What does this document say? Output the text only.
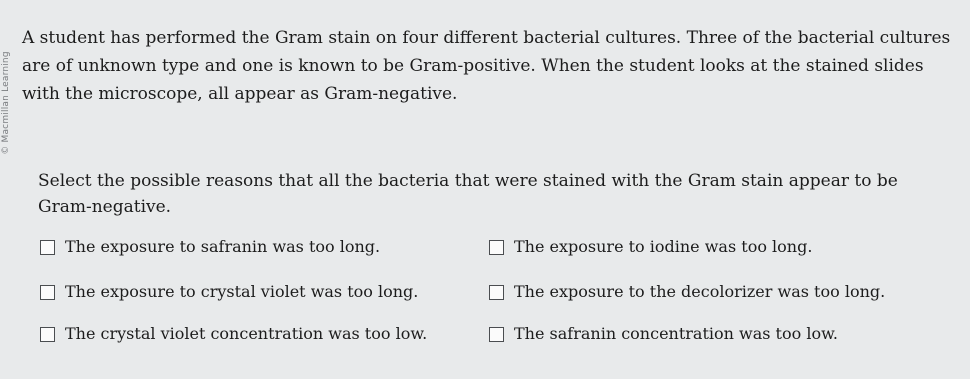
© Macmillan Learning

A student has performed the Gram stain on four different bacterial cultures. Three of the bacterial cultures are of unknown type and one is known to be Gram-positive. When the student looks at the stained slides with the microscope, all appear as Gram-negative.

Select the possible reasons that all the bacteria that were stained with the Gram stain appear to be Gram-negative.

The exposure to safranin was too long.	The exposure to iodine was too long.
The exposure to crystal violet was too long.	The exposure to the decolorizer was too long.
The crystal violet concentration was too low.	The safranin concentration was too low.
